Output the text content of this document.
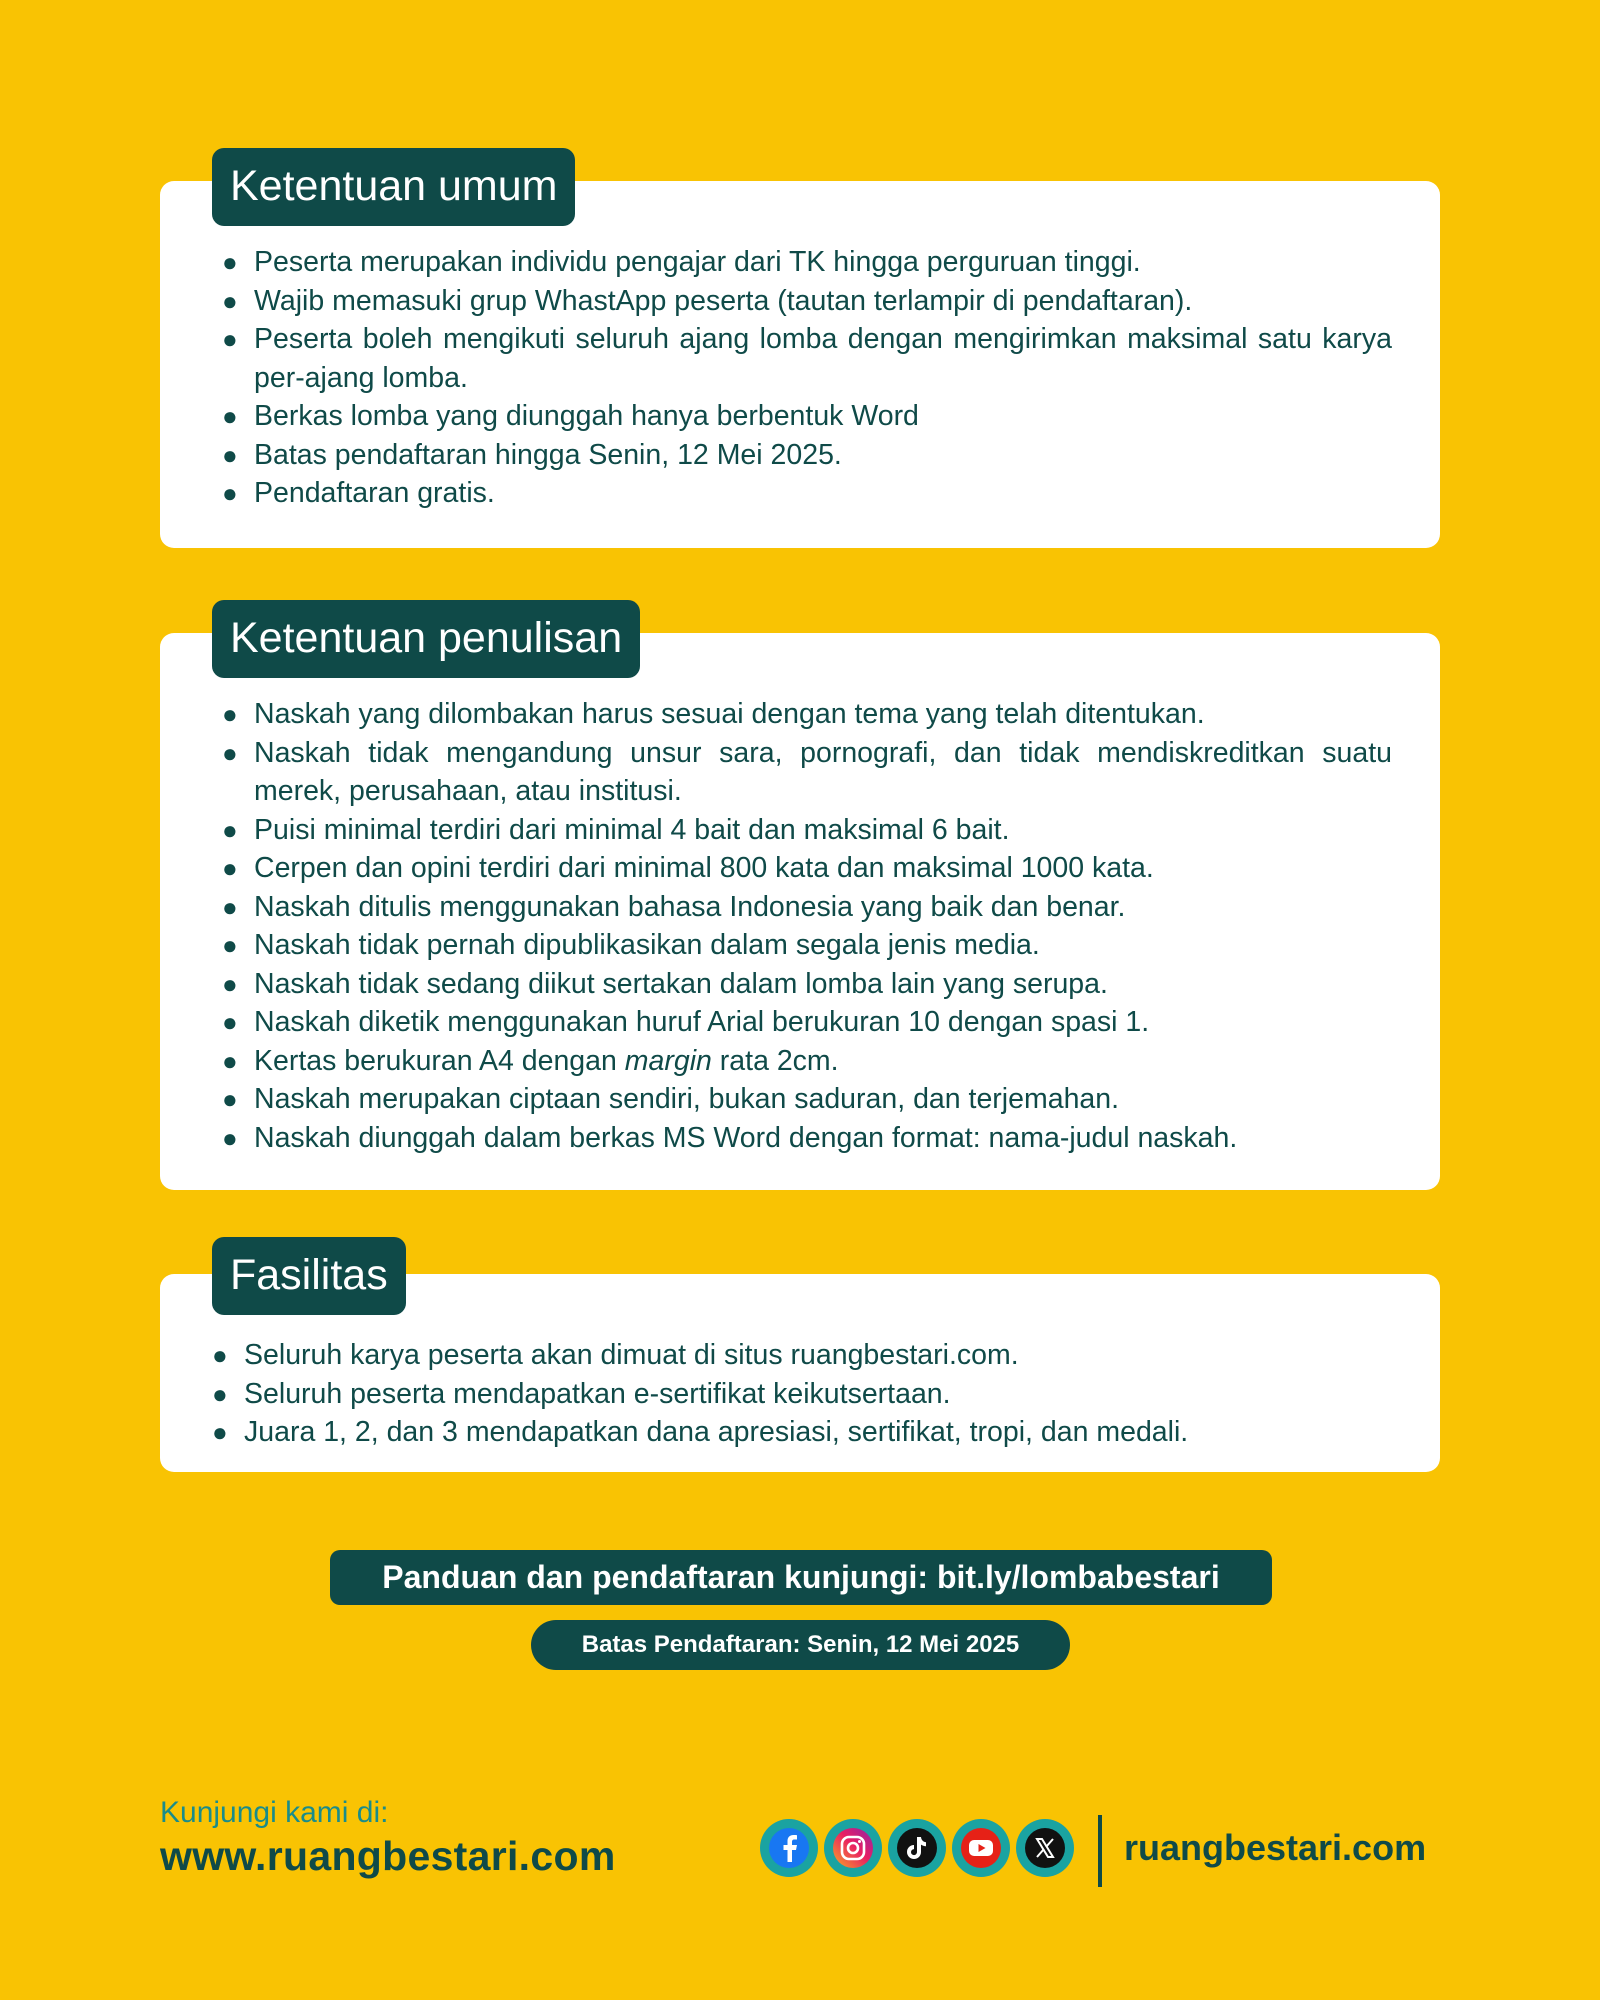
● Peserta merupakan individu pengajar dari TK hingga perguruan tinggi.
● Wajib memasuki grup WhastApp peserta (tautan terlampir di pendaftaran).
● Peserta boleh mengikuti seluruh ajang lomba dengan mengirimkan maksimal satu karya per-ajang lomba.
● Berkas lomba yang diunggah hanya berbentuk Word
● Batas pendaftaran hingga Senin, 12 Mei 2025.
● Pendaftaran gratis.
Ketentuan umum
● Naskah yang dilombakan harus sesuai dengan tema yang telah ditentukan.
● Naskah tidak mengandung unsur sara, pornografi, dan tidak mendiskreditkan suatu merek, perusahaan, atau institusi.
● Puisi minimal terdiri dari minimal 4 bait dan maksimal 6 bait.
● Cerpen dan opini terdiri dari minimal 800 kata dan maksimal 1000 kata.
● Naskah ditulis menggunakan bahasa Indonesia yang baik dan benar.
● Naskah tidak pernah dipublikasikan dalam segala jenis media.
● Naskah tidak sedang diikut sertakan dalam lomba lain yang serupa.
● Naskah diketik menggunakan huruf Arial berukuran 10 dengan spasi 1.
● Kertas berukuran A4 dengan margin rata 2cm.
● Naskah merupakan ciptaan sendiri, bukan saduran, dan terjemahan.
● Naskah diunggah dalam berkas MS Word dengan format: nama-judul naskah.
Ketentuan penulisan
● Seluruh karya peserta akan dimuat di situs ruangbestari.com.
● Seluruh peserta mendapatkan e-sertifikat keikutsertaan.
● Juara 1, 2, dan 3 mendapatkan dana apresiasi, sertifikat, tropi, dan medali.
Fasilitas
Panduan dan pendaftaran kunjungi: bit.ly/lombabestari
Batas Pendaftaran: Senin, 12 Mei 2025
Kunjungi kami di:
www.ruangbestari.com	ruangbestari.com
